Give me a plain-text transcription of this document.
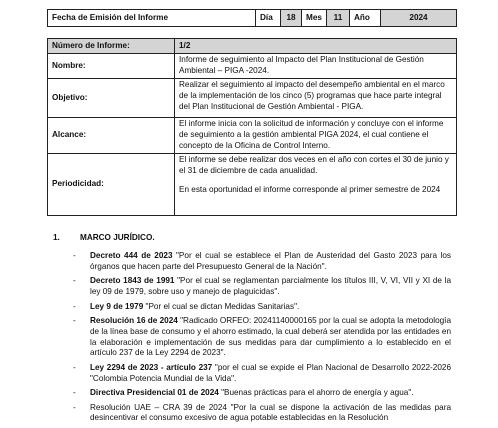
Fecha de Emisión del Informe	Día	18	Mes	11	Año	2024
Número de Informe:	1/2
Nombre:	Informe de seguimiento al Impacto del Plan Institucional de Gestión Ambiental – PIGA -2024.
Objetivo:	Realizar el seguimiento al impacto del desempeño ambiental en el marco de la implementación de los cinco (5) programas que hace parte integral del Plan Institucional de Gestión Ambiental - PIGA.
Alcance:	El informe inicia con la solicitud de información y concluye con el informe de seguimiento a la gestión ambiental PIGA 2024, el cual contiene el concepto de la Oficina de Control Interno.
Periodicidad:	El informe se debe realizar dos veces en el año con cortes el 30 de junio y el 31 de diciembre de cada anualidad.
En esta oportunidad el informe corresponde al primer semestre de 2024
1. MARCO JURÍDICO.
- Decreto 444 de 2023 "Por el cual se establece el Plan de Austeridad del Gasto 2023 para los órganos que hacen parte del Presupuesto General de la Nación".
- Decreto 1843 de 1991 "Por el cual se reglamentan parcialmente los títulos III, V, VI, VII y XI de la ley 09 de 1979, sobre uso y manejo de plaguicidas".
- Ley 9 de 1979 "Por el cual se dictan Medidas Sanitarias".
- Resolución 16 de 2024 "Radicado ORFEO: 20241140000165 por la cual se adopta la metodología de la línea base de consumo y el ahorro estimado, la cual deberá ser atendida por las entidades en la elaboración e implementación de sus medidas para dar cumplimiento a lo establecido en el artículo 237 de la Ley 2294 de 2023".
- Ley 2294 de 2023 - artículo 237 "por el cual se expide el Plan Nacional de Desarrollo 2022-2026 "Colombia Potencia Mundial de la Vida".
- Directiva Presidencial 01 de 2024 "Buenas prácticas para el ahorro de energía y agua".
- Resolución UAE – CRA 39 de 2024 "Por la cual se dispone la activación de las medidas para desincentivar el consumo excesivo de agua potable establecidas en la Resolución
